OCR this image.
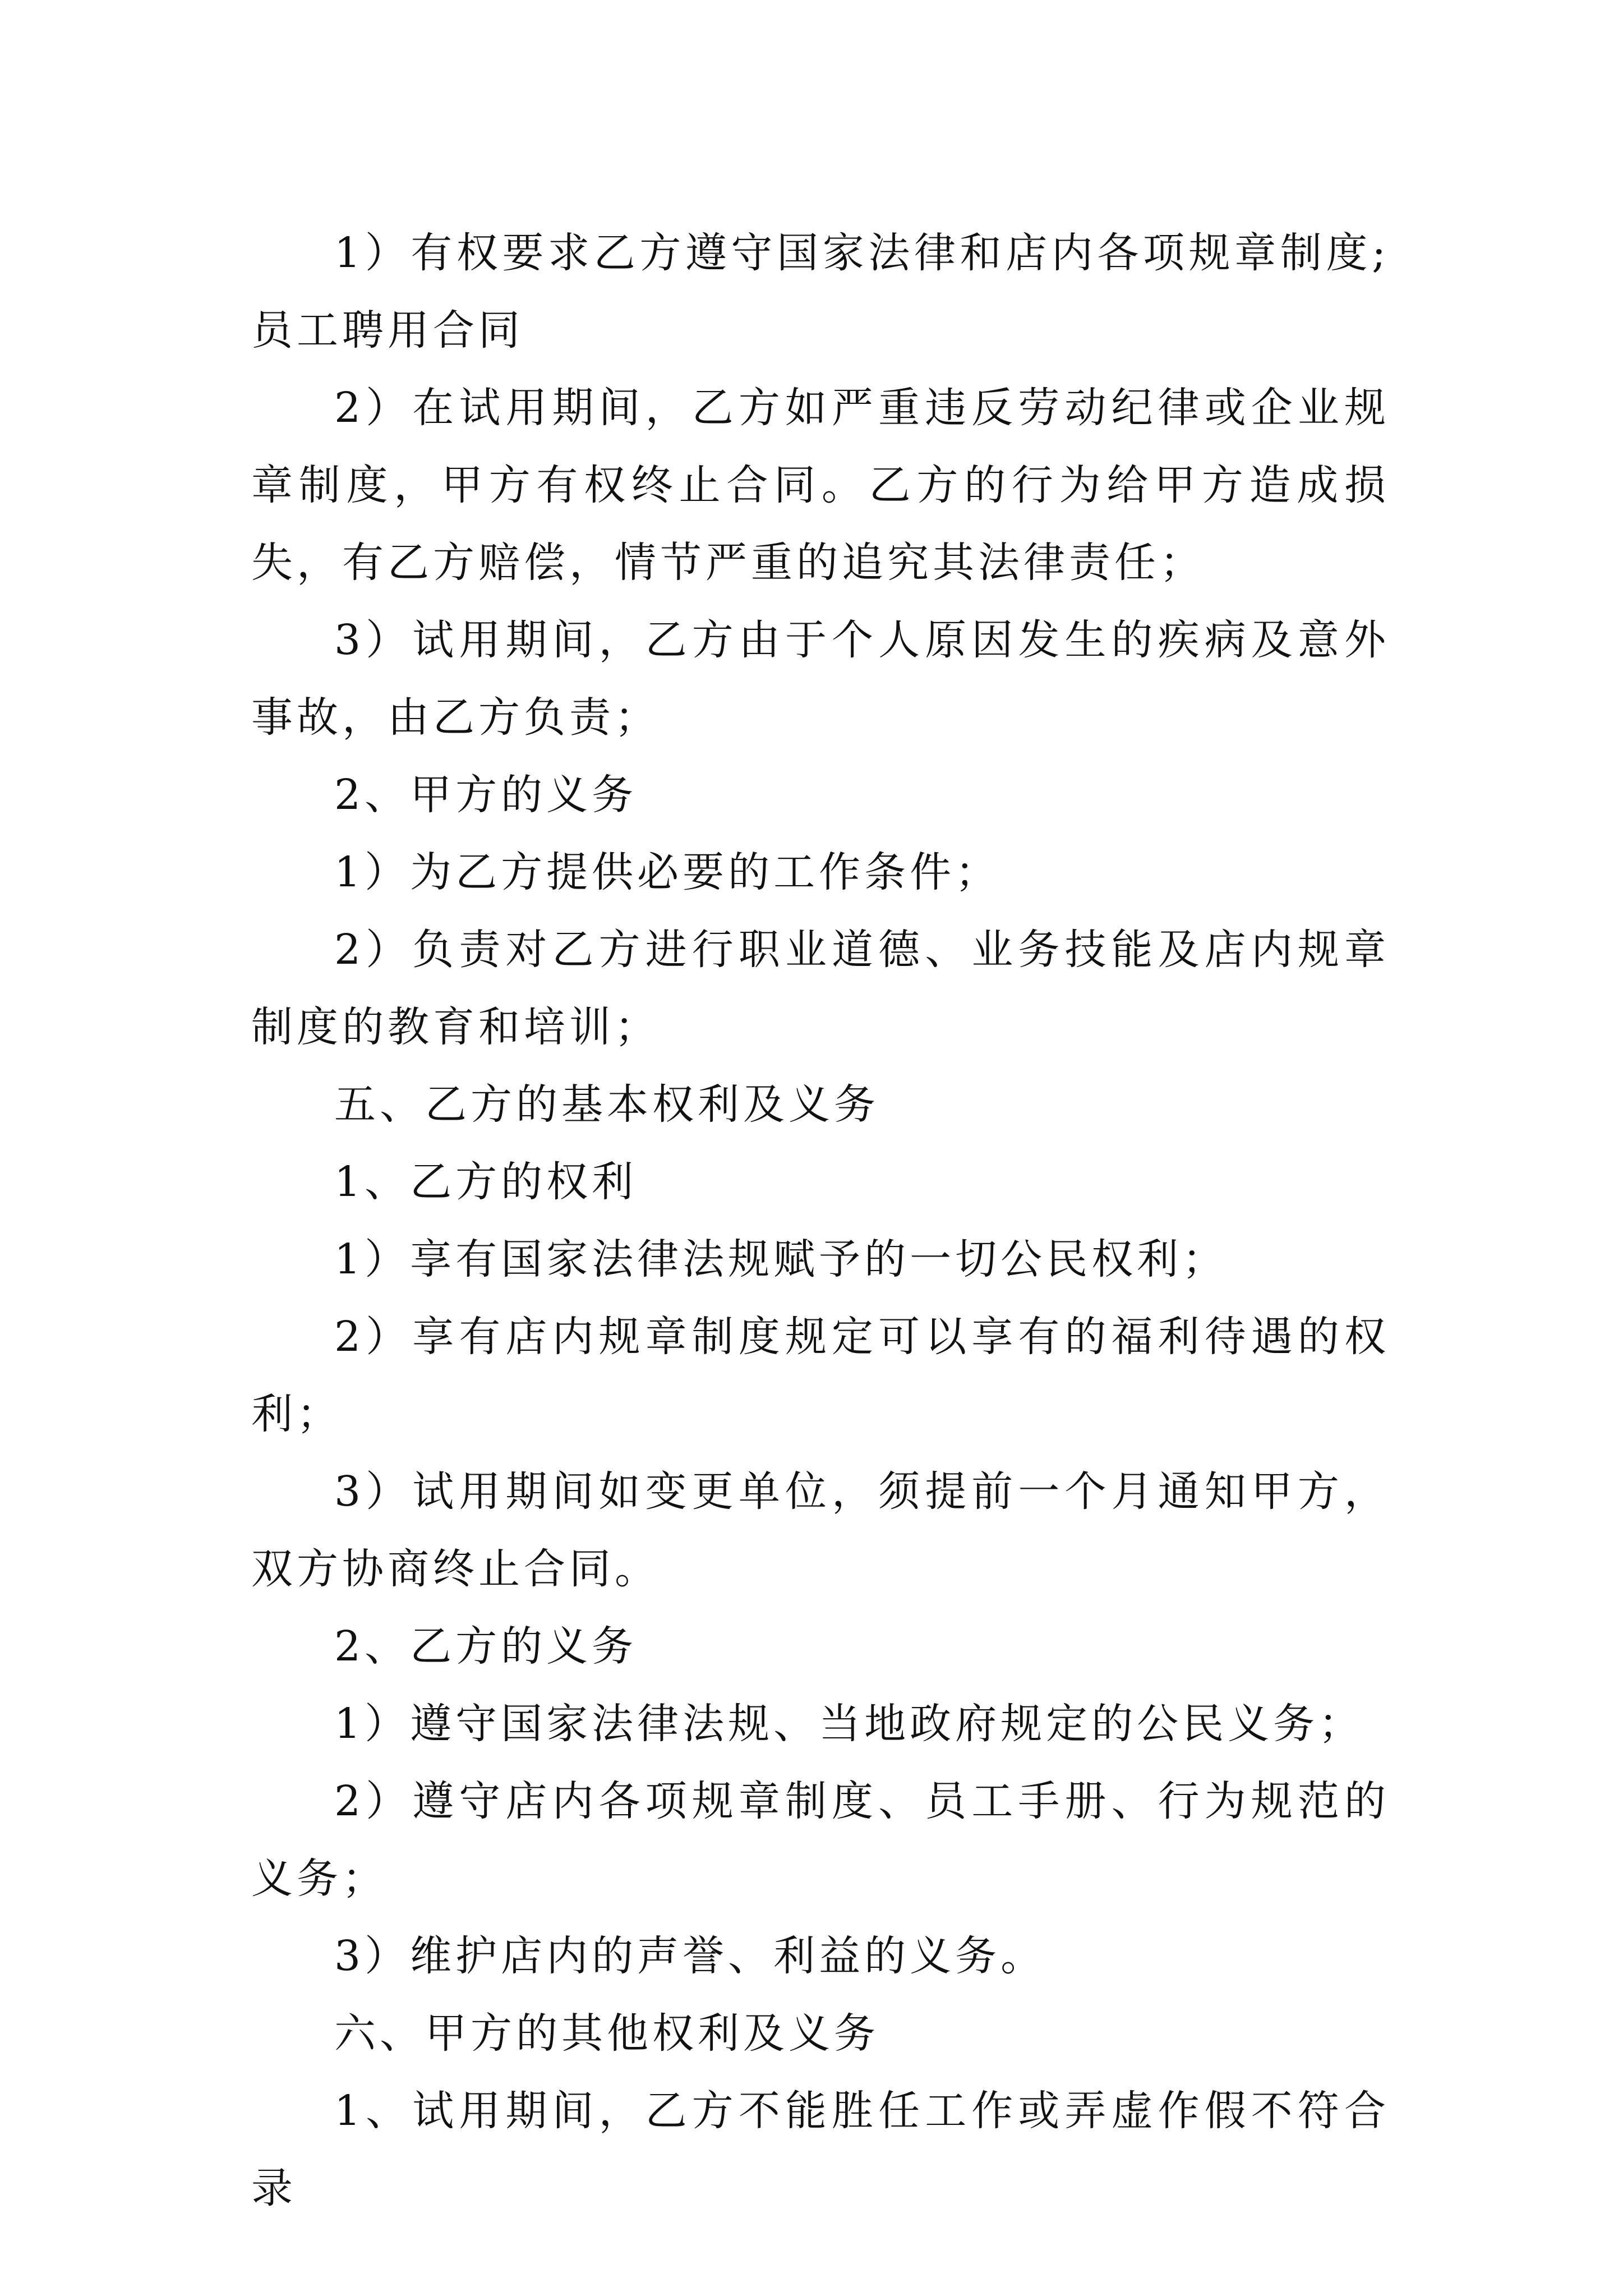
1）有权要求乙方遵守国家法律和店内各项规章制度;员工聘用合同

2）在试用期间，乙方如严重违反劳动纪律或企业规章制度，甲方有权终止合同。乙方的行为给甲方造成损失，有乙方赔偿，情节严重的追究其法律责任；

3）试用期间，乙方由于个人原因发生的疾病及意外事故，由乙方负责；

2、甲方的义务

1）为乙方提供必要的工作条件；

2）负责对乙方进行职业道德、业务技能及店内规章制度的教育和培训；

五、乙方的基本权利及义务

1、乙方的权利

1）享有国家法律法规赋予的一切公民权利；

2）享有店内规章制度规定可以享有的福利待遇的权利；

3）试用期间如变更单位，须提前一个月通知甲方，双方协商终止合同。

2、乙方的义务

1）遵守国家法律法规、当地政府规定的公民义务；

2）遵守店内各项规章制度、员工手册、行为规范的义务；

3）维护店内的声誉、利益的义务。

六、甲方的其他权利及义务

1、试用期间，乙方不能胜任工作或弄虚作假不符合录
